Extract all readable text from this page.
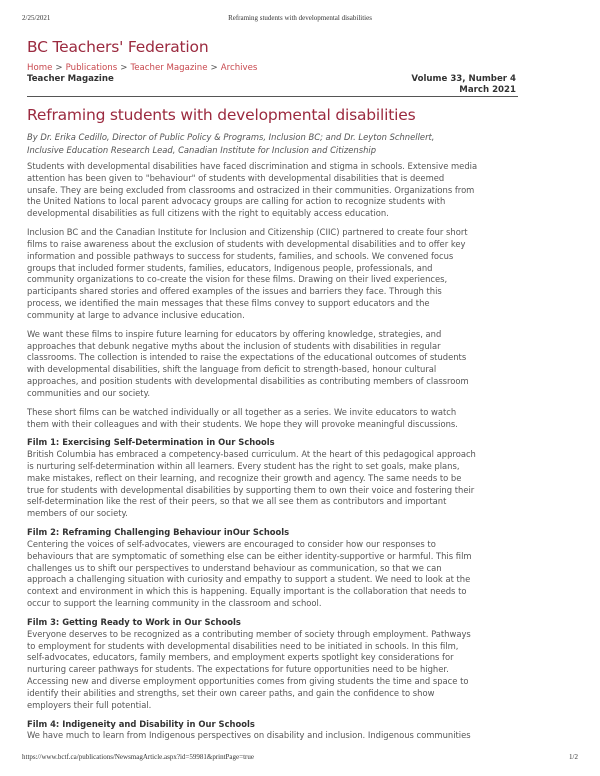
2/25/2021	Reframing students with developmental disabilities
BC Teachers' Federation
Home > Publications > Teacher Magazine > Archives
Teacher Magazine	Volume 33, Number 4
March 2021
Reframing students with developmental disabilities
By Dr. Erika Cedillo, Director of Public Policy & Programs, Inclusion BC; and Dr. Leyton Schnellert,
Inclusive Education Research Lead, Canadian Institute for Inclusion and Citizenship

Students with developmental disabilities have faced discrimination and stigma in schools. Extensive media
attention has been given to "behaviour" of students with developmental disabilities that is deemed
unsafe. They are being excluded from classrooms and ostracized in their communities. Organizations from
the United Nations to local parent advocacy groups are calling for action to recognize students with
developmental disabilities as full citizens with the right to equitably access education.

Inclusion BC and the Canadian Institute for Inclusion and Citizenship (CIIC) partnered to create four short
films to raise awareness about the exclusion of students with developmental disabilities and to offer key
information and possible pathways to success for students, families, and schools. We convened focus
groups that included former students, families, educators, Indigenous people, professionals, and
community organizations to co-create the vision for these films. Drawing on their lived experiences,
participants shared stories and offered examples of the issues and barriers they face. Through this
process, we identified the main messages that these films convey to support educators and the
community at large to advance inclusive education.

We want these films to inspire future learning for educators by offering knowledge, strategies, and
approaches that debunk negative myths about the inclusion of students with disabilities in regular
classrooms. The collection is intended to raise the expectations of the educational outcomes of students
with developmental disabilities, shift the language from deficit to strength-based, honour cultural
approaches, and position students with developmental disabilities as contributing members of classroom
communities and our society.

These short films can be watched individually or all together as a series. We invite educators to watch
them with their colleagues and with their students. We hope they will provoke meaningful discussions.

Film 1: Exercising Self-Determination in Our Schools

British Columbia has embraced a competency-based curriculum. At the heart of this pedagogical approach
is nurturing self-determination within all learners. Every student has the right to set goals, make plans,
make mistakes, reflect on their learning, and recognize their growth and agency. The same needs to be
true for students with developmental disabilities by supporting them to own their voice and fostering their
self-determination like the rest of their peers, so that we all see them as contributors and important
members of our society.

Film 2: Reframing Challenging Behaviour inOur Schools

Centering the voices of self-advocates, viewers are encouraged to consider how our responses to
behaviours that are symptomatic of something else can be either identity-supportive or harmful. This film
challenges us to shift our perspectives to understand behaviour as communication, so that we can
approach a challenging situation with curiosity and empathy to support a student. We need to look at the
context and environment in which this is happening. Equally important is the collaboration that needs to
occur to support the learning community in the classroom and school.

Film 3: Getting Ready to Work in Our Schools

Everyone deserves to be recognized as a contributing member of society through employment. Pathways
to employment for students with developmental disabilities need to be initiated in schools. In this film,
self-advocates, educators, family members, and employment experts spotlight key considerations for
nurturing career pathways for students. The expectations for future opportunities need to be higher.
Accessing new and diverse employment opportunities comes from giving students the time and space to
identify their abilities and strengths, set their own career paths, and gain the confidence to show
employers their full potential.

Film 4: Indigeneity and Disability in Our Schools

We have much to learn from Indigenous perspectives on disability and inclusion. Indigenous communities

https://www.bctf.ca/publications/NewsmagArticle.aspx?id=59981&printPage=true	1/2
